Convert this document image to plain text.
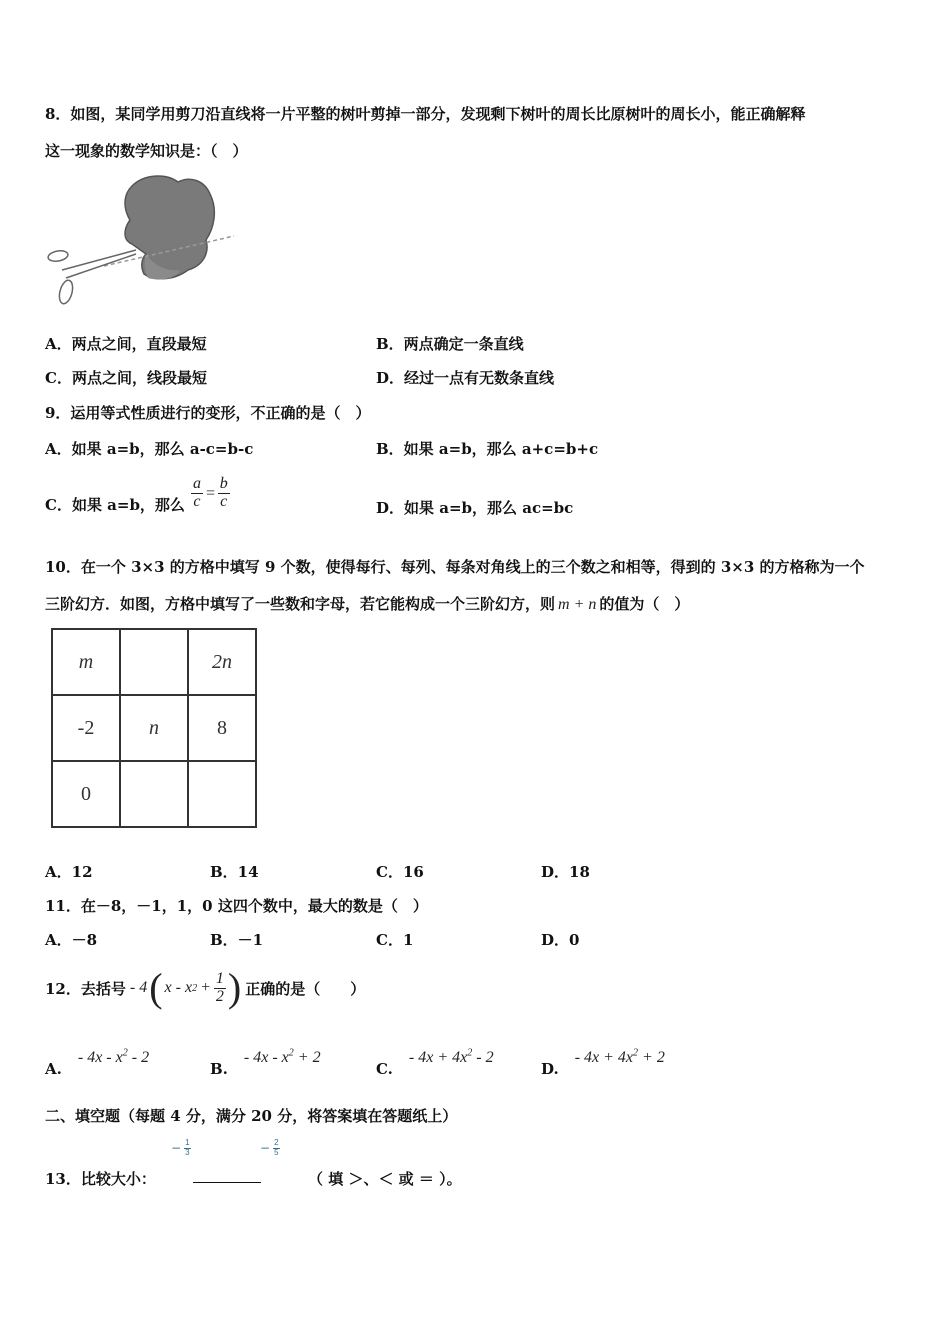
8．如图，某同学用剪刀沿直线将一片平整的树叶剪掉一部分，发现剩下树叶的周长比原树叶的周长小，能正确解释
这一现象的数学知识是：（　）
A．两点之间，直段最短	B．两点确定一条直线
C．两点之间，线段最短	D．经过一点有无数条直线
9．运用等式性质进行的变形，不正确的是（　）
A．如果 a=b，那么 a-c=b-c	B．如果 a=b，那么 a+c=b+c
C．如果 a=b，那么 $\frac{a}{c} = \frac{b}{c}$	D．如果 a=b，那么 ac=bc
10．在一个 3×3 的方格中填写 9 个数，使得每行、每列、每条对角线上的三个数之和相等，得到的 3×3 的方格称为一个
三阶幻方．如图，方格中填写了一些数和字母，若它能构成一个三阶幻方，则 m + n 的值为（　）
m		2n
-2	n	8
0		
A．12	B．14	C．16	D．18
11．在－8，－1，1，0 这四个数中，最大的数是（　）
A．－8	B．－1	C．1	D．0
12．去括号 - 4 ( x - x $2 + \frac{1}{2}$ ) 正确的是（　　）
A.- $4x - x^2 - 2$
B.- $4x - x^2 + 2$
C.- $4x + 4x^2 - 2$
D.- $4x + 4x^2 + 2$
二、填空题（每题 4 分，满分 20 分，将答案填在答题纸上）
− $\frac{1}{3}$	− $\frac{2}{5}$
13．比较大小：	（ 填 ＞、＜ 或 ＝ ）。
